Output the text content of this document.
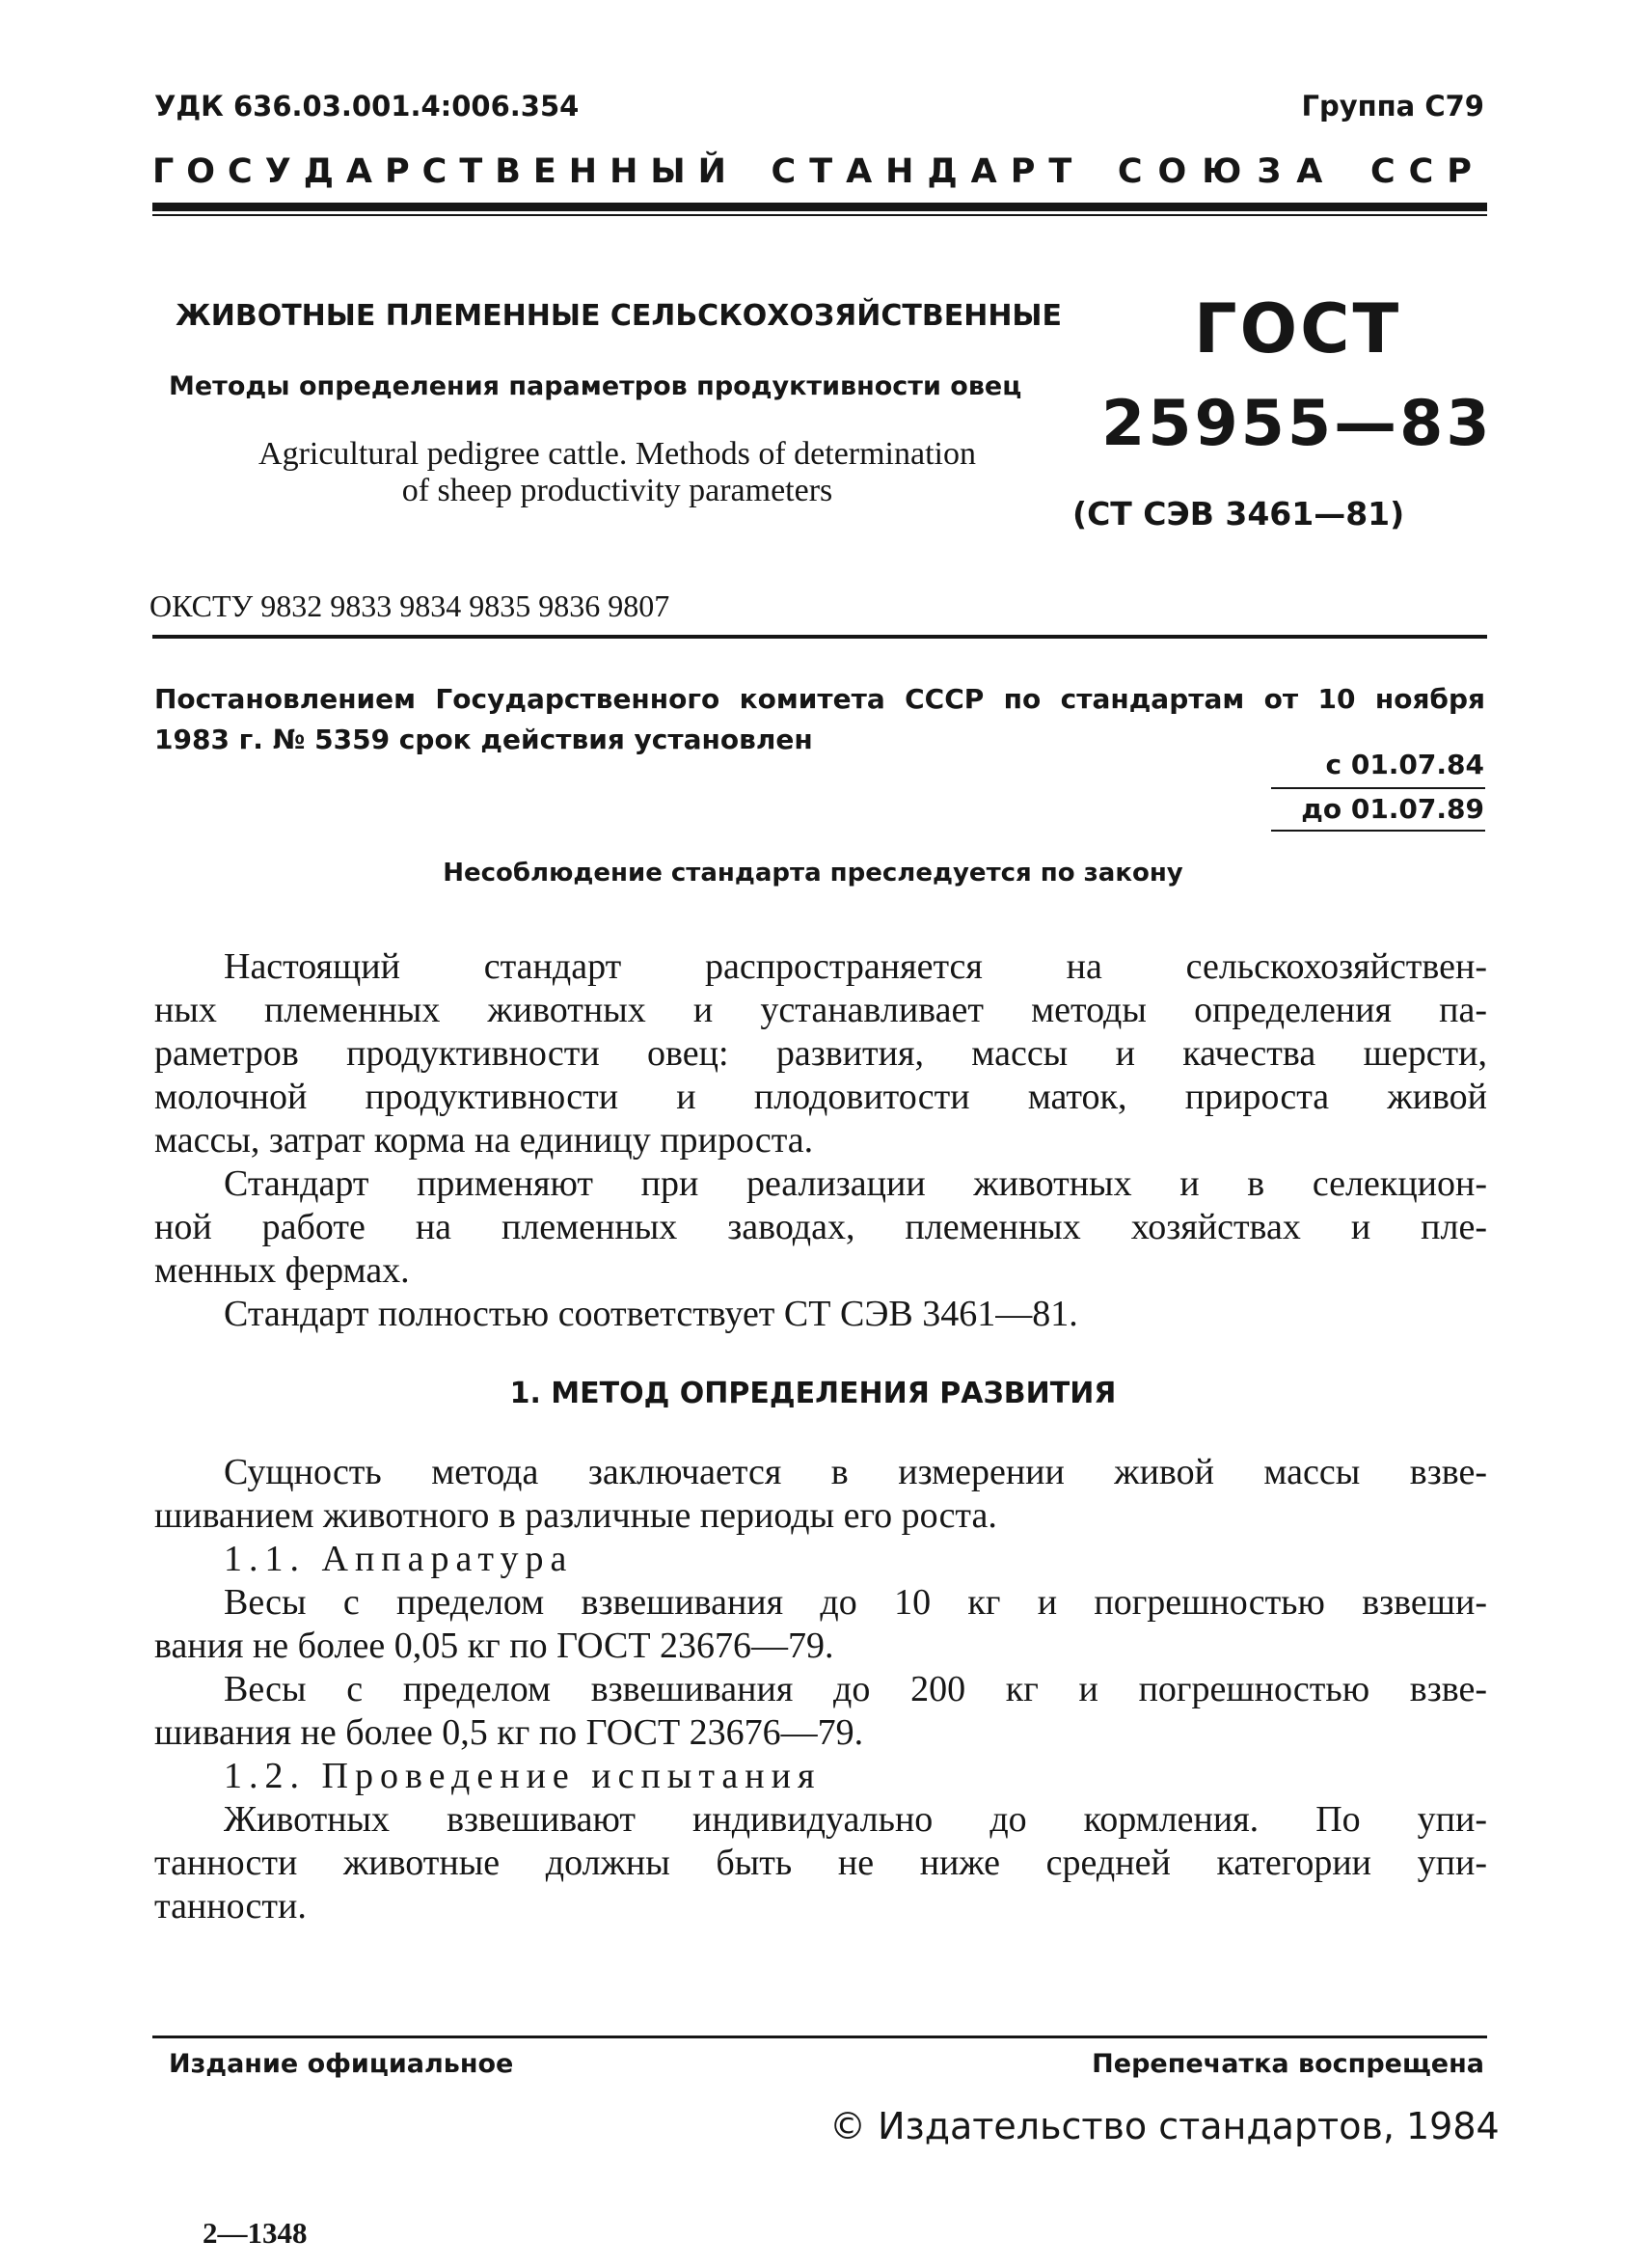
УДК 636.03.001.4:006.354	Группа С79
ГОСУДАРСТВЕННЫЙ СТАНДАРТ СОЮЗА ССР
ЖИВОТНЫЕ ПЛЕМЕННЫЕ СЕЛЬСКОХОЗЯЙСТВЕННЫЕ
Методы определения параметров продуктивности овец
Agricultural pedigree cattle. Methods of determination
of sheep productivity parameters
ГОСТ
25955—83
(СТ СЭВ 3461—81)
ОКСТУ 9832 9833 9834 9835 9836 9807
Постановлением Государственного комитета СССР по стандартам от 10 ноября 1983 г. № 5359 срок действия установлен
с 01.07.84
до 01.07.89
Несоблюдение стандарта преследуется по закону
Настоящий стандарт распространяется на сельскохозяйствен-
ных племенных животных и устанавливает методы определения па-
раметров продуктивности овец: развития, массы и качества шерсти,
молочной продуктивности и плодовитости маток, прироста живой
массы, затрат корма на единицу прироста.
Стандарт применяют при реализации животных и в селекцион-
ной работе на племенных заводах, племенных хозяйствах и пле-
менных фермах.
Стандарт полностью соответствует СТ СЭВ 3461—81.
1. МЕТОД ОПРЕДЕЛЕНИЯ РАЗВИТИЯ
Сущность метода заключается в измерении живой массы взве-
шиванием животного в различные периоды его роста.
1.1. Аппаратура
Весы с пределом взвешивания до 10 кг и погрешностью взвеши-
вания не более 0,05 кг по ГОСТ 23676—79.
Весы с пределом взвешивания до 200 кг и погрешностью взве-
шивания не более 0,5 кг по ГОСТ 23676—79.
1.2. Проведение испытания
Животных взвешивают индивидуально до кормления. По упи-
танности животные должны быть не ниже средней категории упи-
танности.
Издание официальное	Перепечатка воспрещена
© Издательство стандартов, 1984
2—1348
